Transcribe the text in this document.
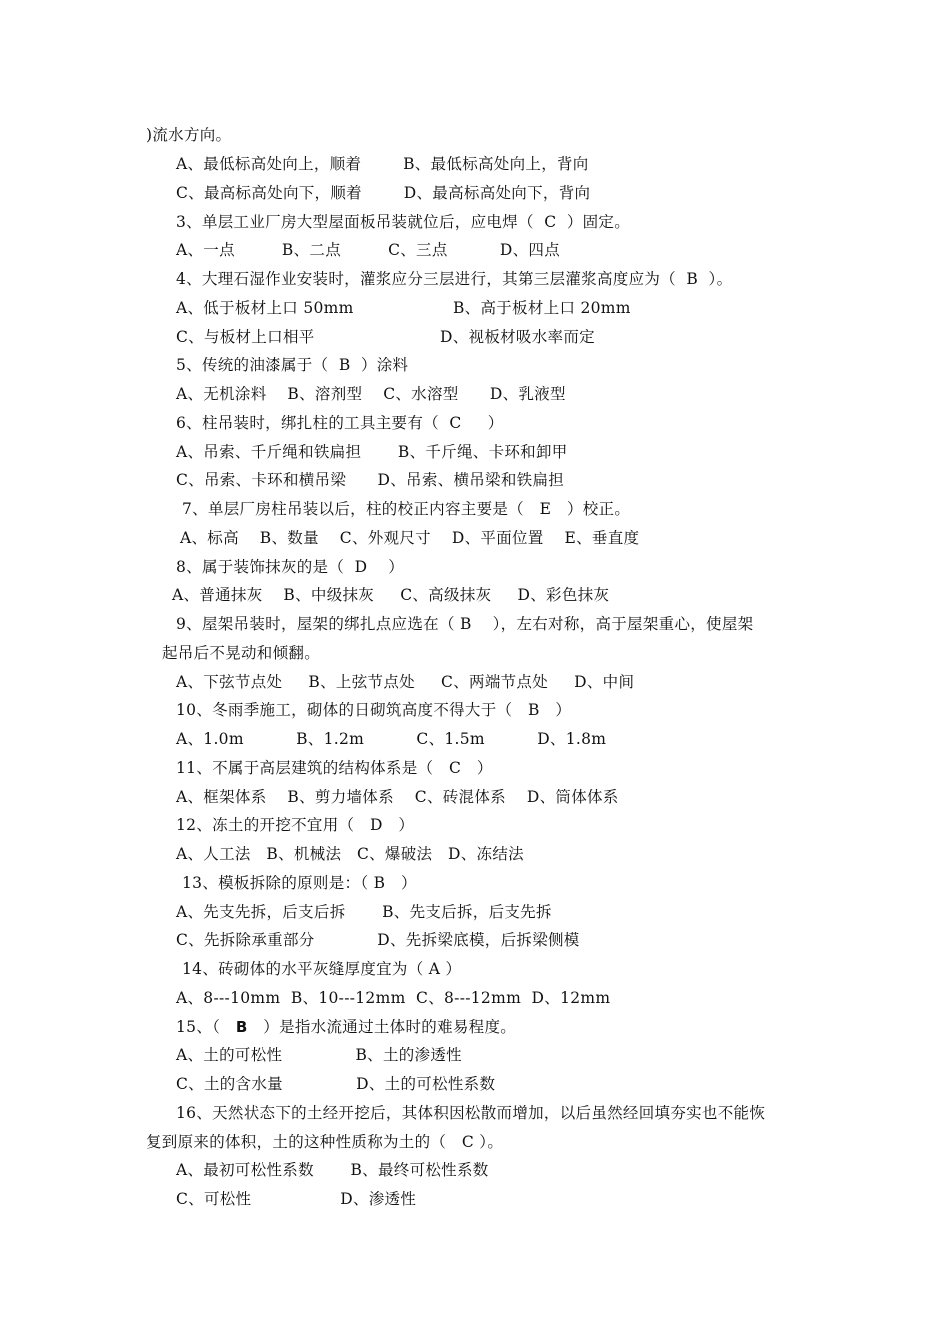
)流水方向。
A、最低标高处向上，顺着        B、最低标高处向上，背向
C、最高标高处向下，顺着        D、最高标高处向下，背向
3、单层工业厂房大型屋面板吊装就位后，应电焊（  C  ）固定。
A、一点         B、二点         C、三点          D、四点
4、大理石湿作业安装时，灌浆应分三层进行，其第三层灌浆高度应为（  B  ）。
A、低于板材上口 50mm                   B、高于板材上口 20mm
C、与板材上口相平                        D、视板材吸水率而定
5、传统的油漆属于（  B  ）涂料
A、无机涂料    B、溶剂型    C、水溶型      D、乳液型
6、柱吊装时，绑扎柱的工具主要有（  C     ）
A、吊索、千斤绳和铁扁担       B、千斤绳、卡环和卸甲
C、吊索、卡环和横吊梁      D、吊索、横吊梁和铁扁担
7、单层厂房柱吊装以后，柱的校正内容主要是（   E   ）校正。
A、标高    B、数量    C、外观尺寸    D、平面位置    E、垂直度
8、属于装饰抹灰的是（  D    ）
A、普通抹灰    B、中级抹灰     C、高级抹灰     D、彩色抹灰
9、屋架吊装时，屋架的绑扎点应选在（ B    ），左右对称，高于屋架重心，使屋架
起吊后不晃动和倾翻。
A、下弦节点处     B、上弦节点处     C、两端节点处     D、中间
10、冬雨季施工，砌体的日砌筑高度不得大于（   B   ）
A、1.0m          B、1.2m          C、1.5m          D、1.8m
11、不属于高层建筑的结构体系是（   C   ）
A、框架体系    B、剪力墙体系    C、砖混体系    D、筒体体系
12、冻土的开挖不宜用（   D   ）
A、人工法   B、机械法   C、爆破法   D、冻结法
13、模板拆除的原则是：（ B   ）
A、先支先拆，后支后拆       B、先支后拆，后支先拆
C、先拆除承重部分            D、先拆梁底模，后拆梁侧模
14、砖砌体的水平灰缝厚度宜为（ A ）
A、8---10mm  B、10---12mm  C、8---12mm  D、12mm
15、（   B   ）是指水流通过土体时的难易程度。
A、土的可松性              B、土的渗透性
C、土的含水量              D、土的可松性系数
16、天然状态下的土经开挖后，其体积因松散而增加，以后虽然经回填夯实也不能恢
复到原来的体积，土的这种性质称为土的（   C ）。
A、最初可松性系数       B、最终可松性系数
C、可松性                 D、渗透性
